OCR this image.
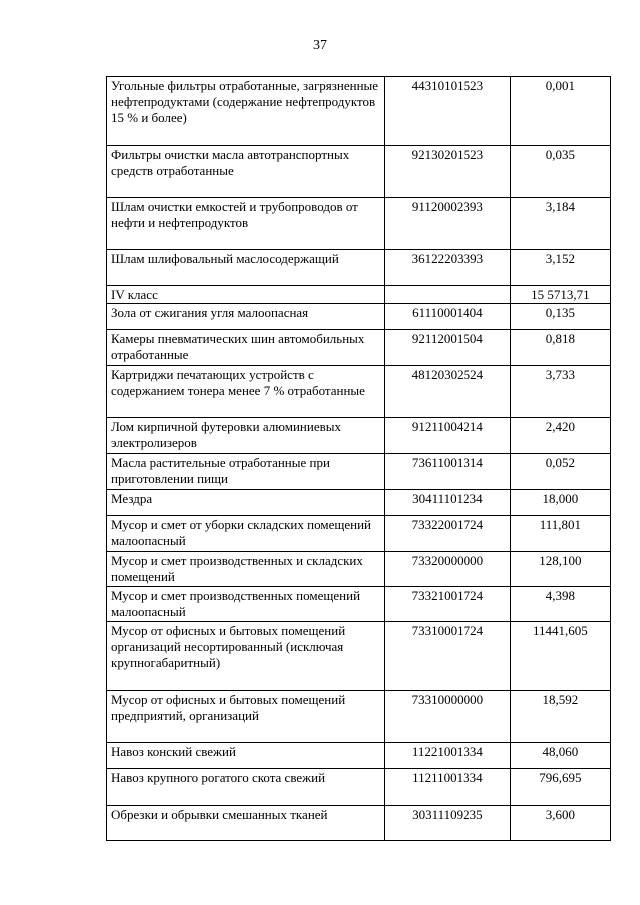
37
Угольные фильтры отработанные, загрязненные нефтепродуктами (содержание нефтепродуктов 15 % и более)	44310101523	0,001
Фильтры очистки масла автотранспортных средств отработанные	92130201523	0,035
Шлам очистки емкостей и трубопроводов от нефти и нефтепродуктов	91120002393	3,184
Шлам шлифовальный маслосодержащий	36122203393	3,152
IV класс		15 5713,71
Зола от сжигания угля малоопасная	61110001404	0,135
Камеры пневматических шин автомобильных отработанные	92112001504	0,818
Картриджи печатающих устройств с содержанием тонера менее 7 % отработанные	48120302524	3,733
Лом кирпичной футеровки алюминиевых электролизеров	91211004214	2,420
Масла растительные отработанные при приготовлении пищи	73611001314	0,052
Мездра	30411101234	18,000
Мусор и смет от уборки складских помещений малоопасный	73322001724	111,801
Мусор и смет производственных и складских помещений	73320000000	128,100
Мусор и смет производственных помещений малоопасный	73321001724	4,398
Мусор от офисных и бытовых помещений организаций несортированный (исключая крупногабаритный)	73310001724	11441,605
Мусор от офисных и бытовых помещений предприятий, организаций	73310000000	18,592
Навоз конский свежий	11221001334	48,060
Навоз крупного рогатого скота свежий	11211001334	796,695
Обрезки и обрывки смешанных тканей	30311109235	3,600
